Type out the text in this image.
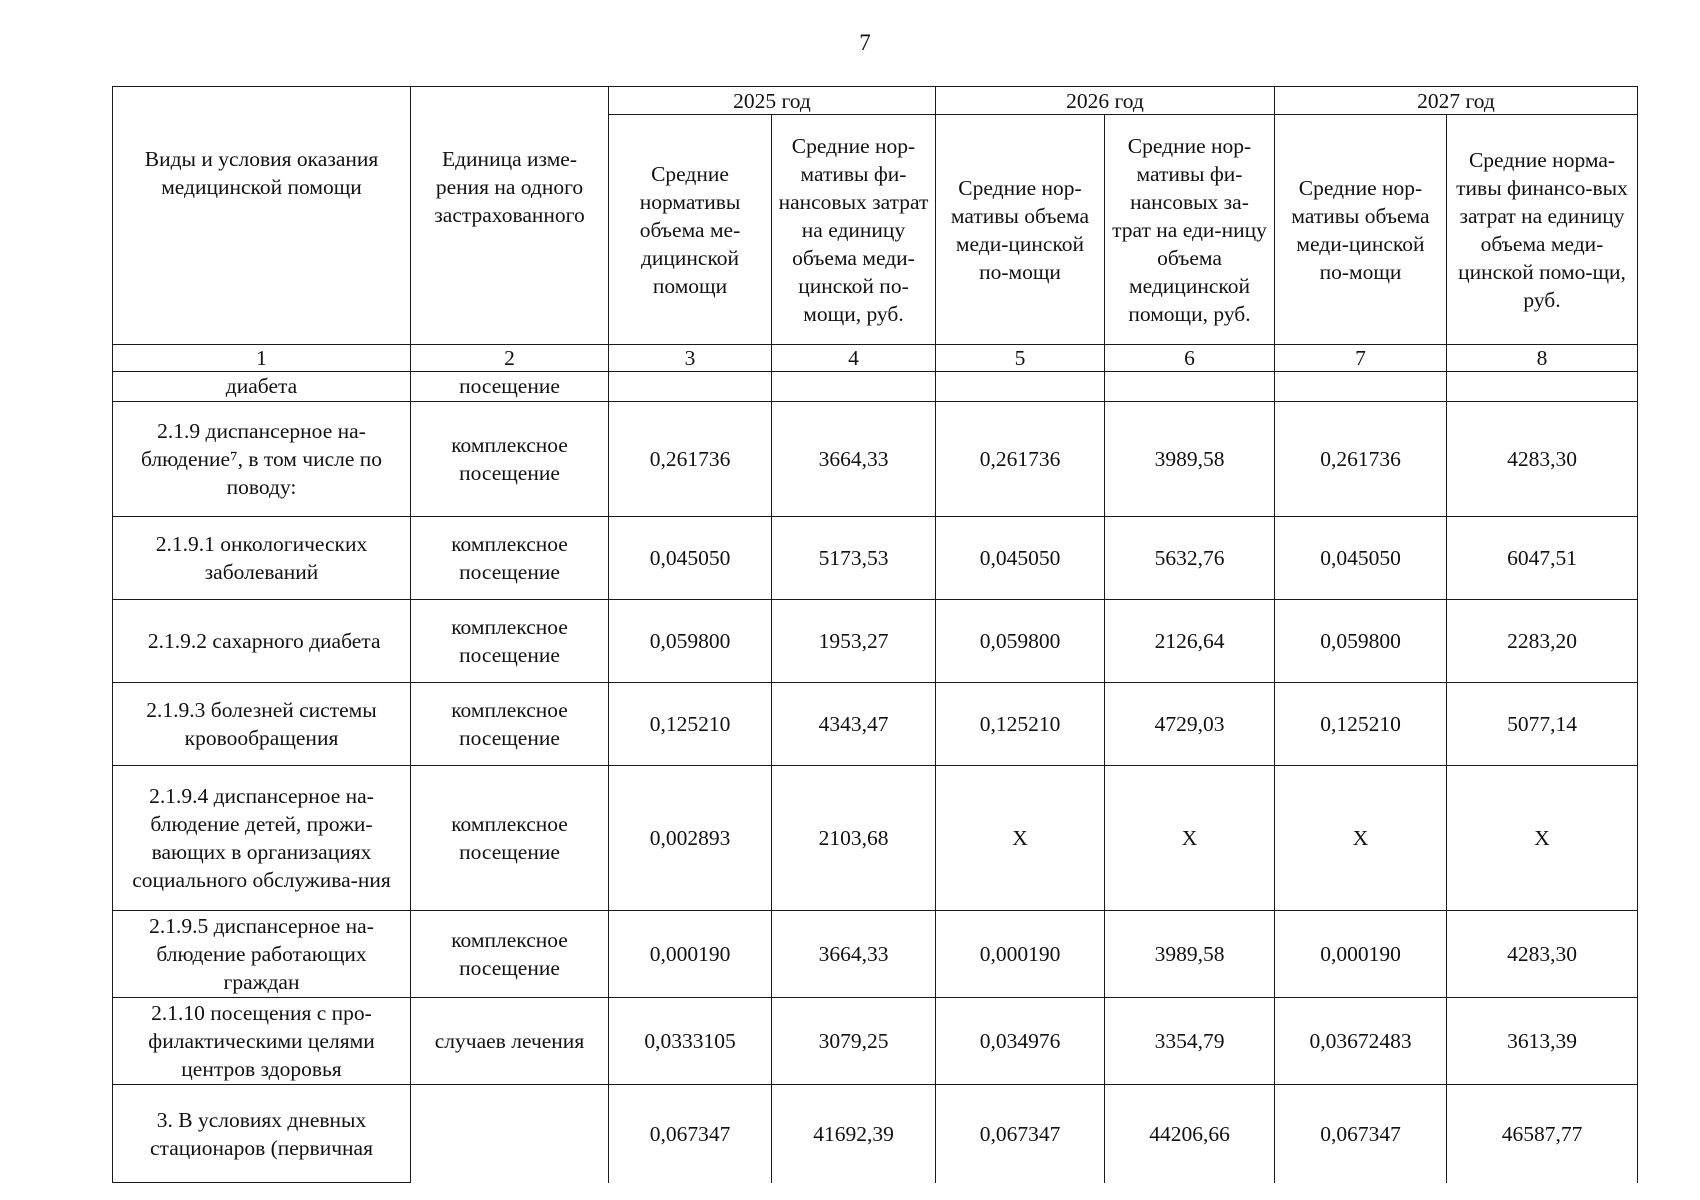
7
Виды и условия оказания медицинской помощи	Единица изме-рения на одного застрахованного	2025 год		2026 год		2027 год	
		Средние нормативы объема ме-дицинской помощи	Средние нор-мативы фи-нансовых затрат на единицу объема меди-цинской по-мощи, руб.	Средние нор-мативы объема меди-цинской по-мощи	Средние нор-мативы фи-нансовых за-трат на еди-ницу объема медицинской помощи, руб.	Средние нор-мативы объема меди-цинской по-мощи	Средние норма-тивы финансо-вых затрат на единицу объема меди-цинской помо-щи, руб.
1	2	3	4	5	6	7	8
диабета	посещение						
2.1.9 диспансерное на-блюдение⁷, в том числе по поводу:	комплексное посещение	0,261736	3664,33	0,261736	3989,58	0,261736	4283,30
2.1.9.1 онкологических заболеваний	комплексное посещение	0,045050	5173,53	0,045050	5632,76	0,045050	6047,51
2.1.9.2 сахарного диабета	комплексное посещение	0,059800	1953,27	0,059800	2126,64	0,059800	2283,20
2.1.9.3 болезней системы кровообращения	комплексное посещение	0,125210	4343,47	0,125210	4729,03	0,125210	5077,14
2.1.9.4 диспансерное на-блюдение детей, прожи-вающих в организациях социального обслужива-ния	комплексное посещение	0,002893	2103,68	Х	Х	Х	Х
2.1.9.5 диспансерное на-блюдение работающих граждан	комплексное посещение	0,000190	3664,33	0,000190	3989,58	0,000190	4283,30
2.1.10 посещения с про-филактическими целями центров здоровья	случаев лечения	0,0333105	3079,25	0,034976	3354,79	0,03672483	3613,39
3. В условиях дневных стационаров (первичная		0,067347	41692,39	0,067347	44206,66	0,067347	46587,77
